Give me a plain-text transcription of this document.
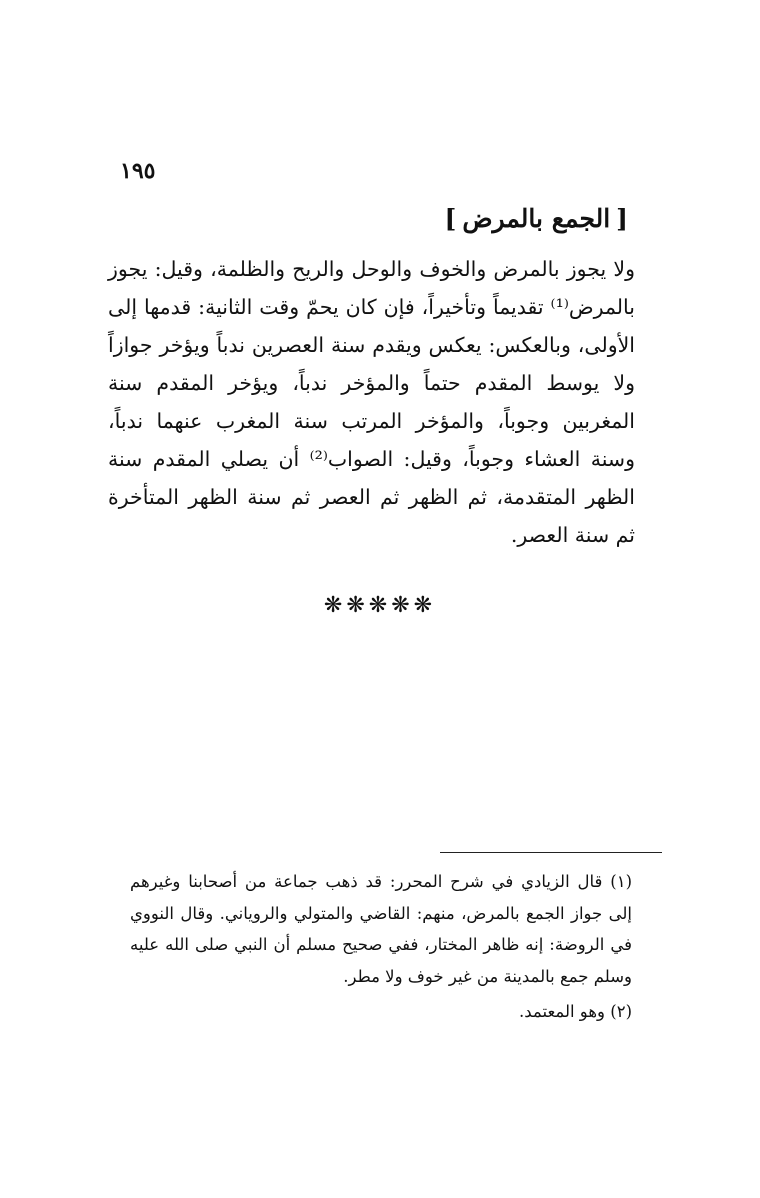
١٩٥
[الجمع بالمرض]

ولا يجوز بالمرض والخوف والوحل والريح والظلمة، وقيل: يجوز بالمرض⁽¹⁾ تقديماً وتأخيراً، فإن كان يحمّ وقت الثانية: قدمها إلى الأولى، وبالعكس: يعكس ويقدم سنة العصرين ندباً ويؤخر جوازاً ولا يوسط المقدم حتماً والمؤخر ندباً، ويؤخر المقدم سنة المغربين وجوباً، والمؤخر المرتب سنة المغرب عنهما ندباً، وسنة العشاء وجوباً، وقيل: الصواب⁽²⁾ أن يصلي المقدم سنة الظهر المتقدمة، ثم الظهر ثم العصر ثم سنة الظهر المتأخرة ثم سنة العصر.

❋❋❋❋❋

(١) قال الزيادي في شرح المحرر: قد ذهب جماعة من أصحابنا وغيرهم إلى جواز الجمع بالمرض، منهم: القاضي والمتولي والروياني. وقال النووي في الروضة: إنه ظاهر المختار، ففي صحيح مسلم أن النبي صلى الله عليه وسلم جمع بالمدينة من غير خوف ولا مطر.

(٢) وهو المعتمد.
